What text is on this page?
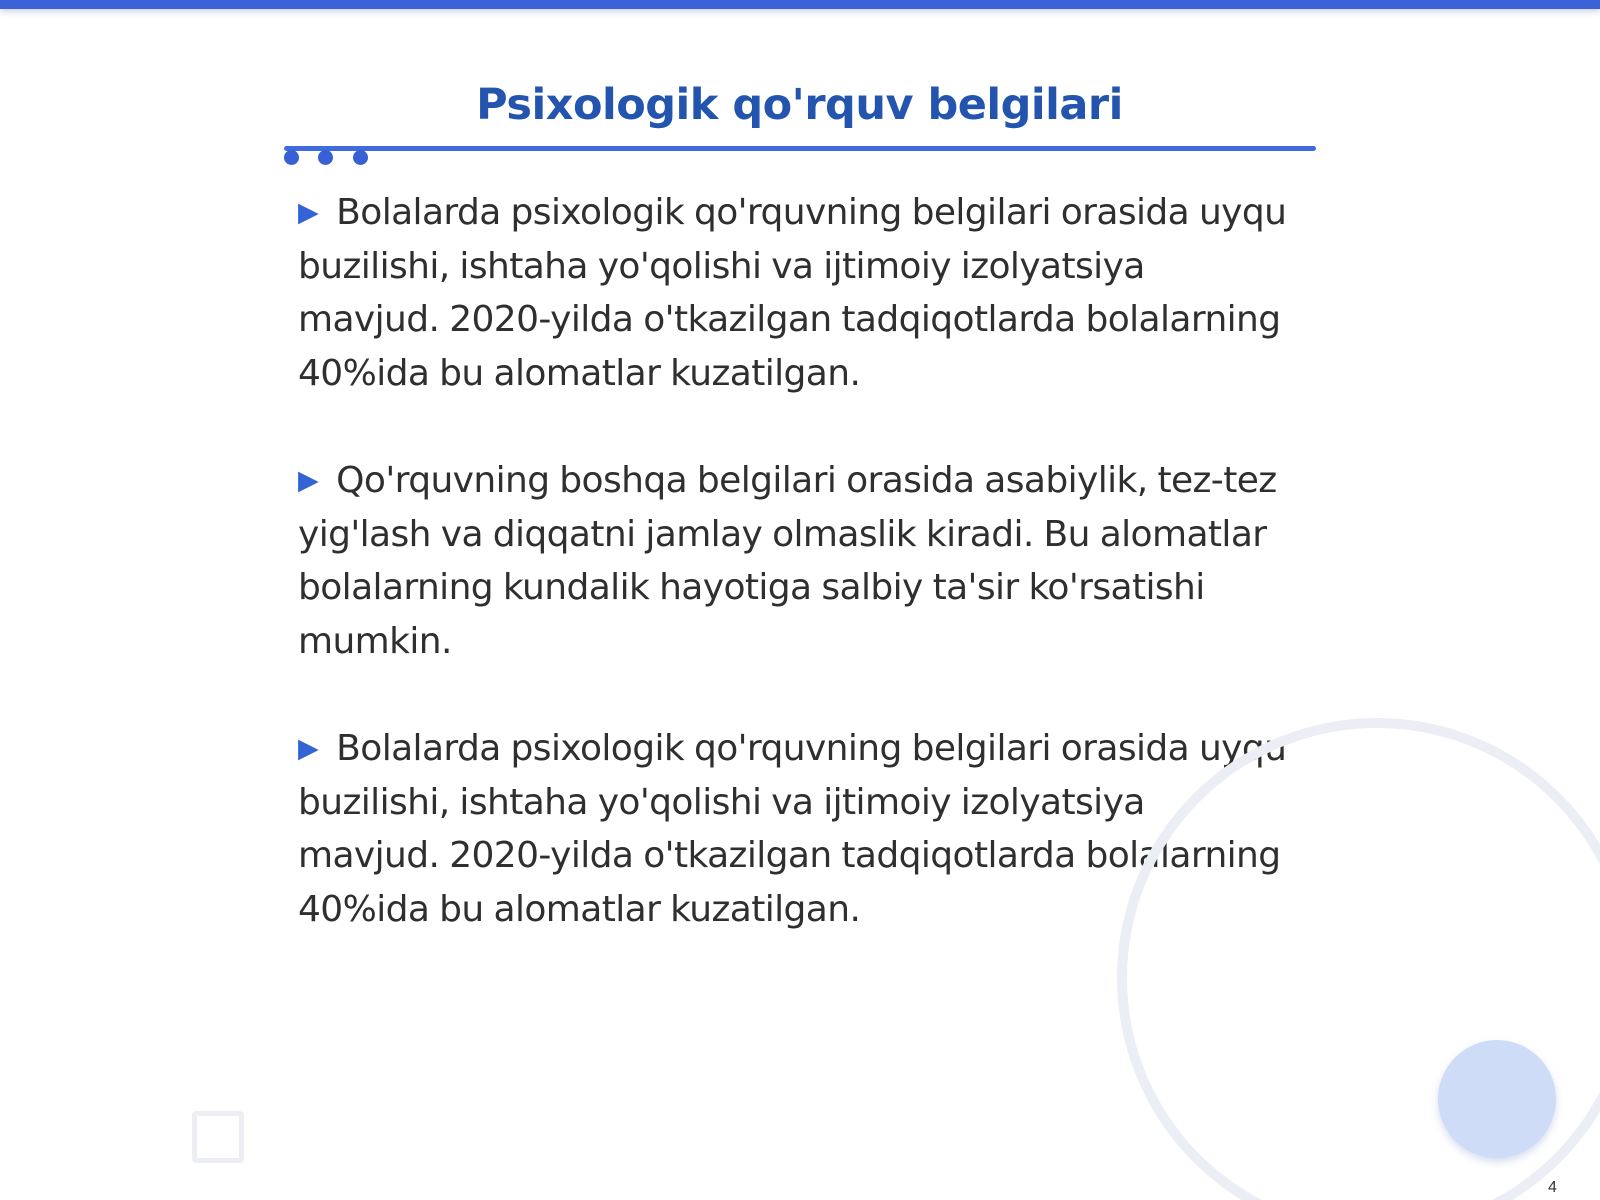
Psixologik qo'rquv belgilari

▶ Bolalarda psixologik qo'rquvning belgilari orasida uyqu buzilishi, ishtaha yo'qolishi va ijtimoiy izolyatsiya mavjud. 2020-yilda o'tkazilgan tadqiqotlarda bolalarning 40%ida bu alomatlar kuzatilgan.

▶ Qo'rquvning boshqa belgilari orasida asabiylik, tez-tez yig'lash va diqqatni jamlay olmaslik kiradi. Bu alomatlar bolalarning kundalik hayotiga salbiy ta'sir ko'rsatishi mumkin.

▶ Bolalarda psixologik qo'rquvning belgilari orasida uyqu buzilishi, ishtaha yo'qolishi va ijtimoiy izolyatsiya mavjud. 2020-yilda o'tkazilgan tadqiqotlarda bolalarning 40%ida bu alomatlar kuzatilgan.

4
